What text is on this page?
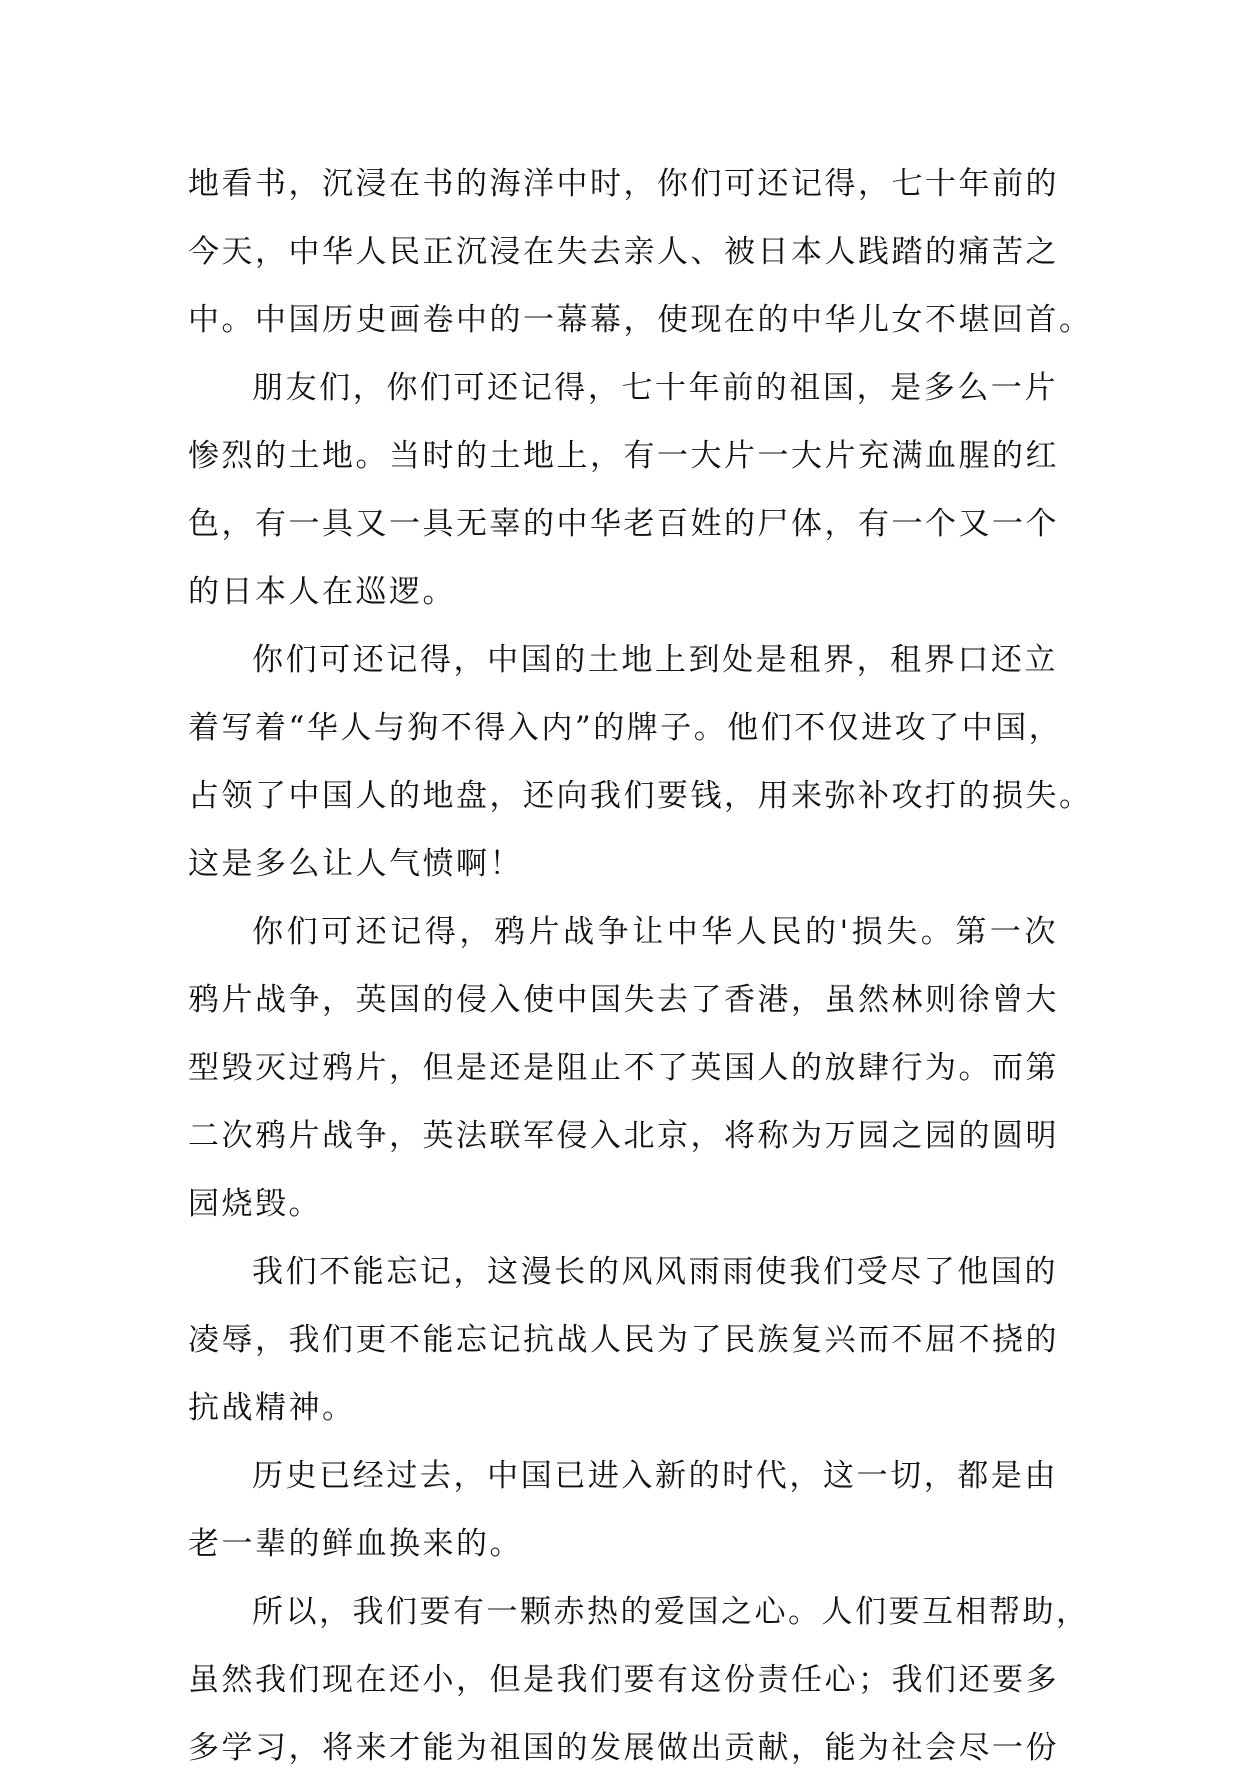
地看书，沉浸在书的海洋中时，你们可还记得，七十年前的
今天，中华人民正沉浸在失去亲人、被日本人践踏的痛苦之
中。中国历史画卷中的一幕幕，使现在的中华儿女不堪回首。
朋友们，你们可还记得，七十年前的祖国，是多么一片
惨烈的土地。当时的土地上，有一大片一大片充满血腥的红
色，有一具又一具无辜的中华老百姓的尸体，有一个又一个
的日本人在巡逻。
你们可还记得，中国的土地上到处是租界，租界口还立
着写着“华人与狗不得入内”的牌子。他们不仅进攻了中国，
占领了中国人的地盘，还向我们要钱，用来弥补攻打的损失。
这是多么让人气愤啊！
你们可还记得，鸦片战争让中华人民的'损失。第一次
鸦片战争，英国的侵入使中国失去了香港，虽然林则徐曾大
型毁灭过鸦片，但是还是阻止不了英国人的放肆行为。而第
二次鸦片战争，英法联军侵入北京，将称为万园之园的圆明
园烧毁。
我们不能忘记，这漫长的风风雨雨使我们受尽了他国的
凌辱，我们更不能忘记抗战人民为了民族复兴而不屈不挠的
抗战精神。
历史已经过去，中国已进入新的时代，这一切，都是由
老一辈的鲜血换来的。
所以，我们要有一颗赤热的爱国之心。人们要互相帮助，
虽然我们现在还小，但是我们要有这份责任心；我们还要多
多学习，将来才能为祖国的发展做出贡献，能为社会尽一份
